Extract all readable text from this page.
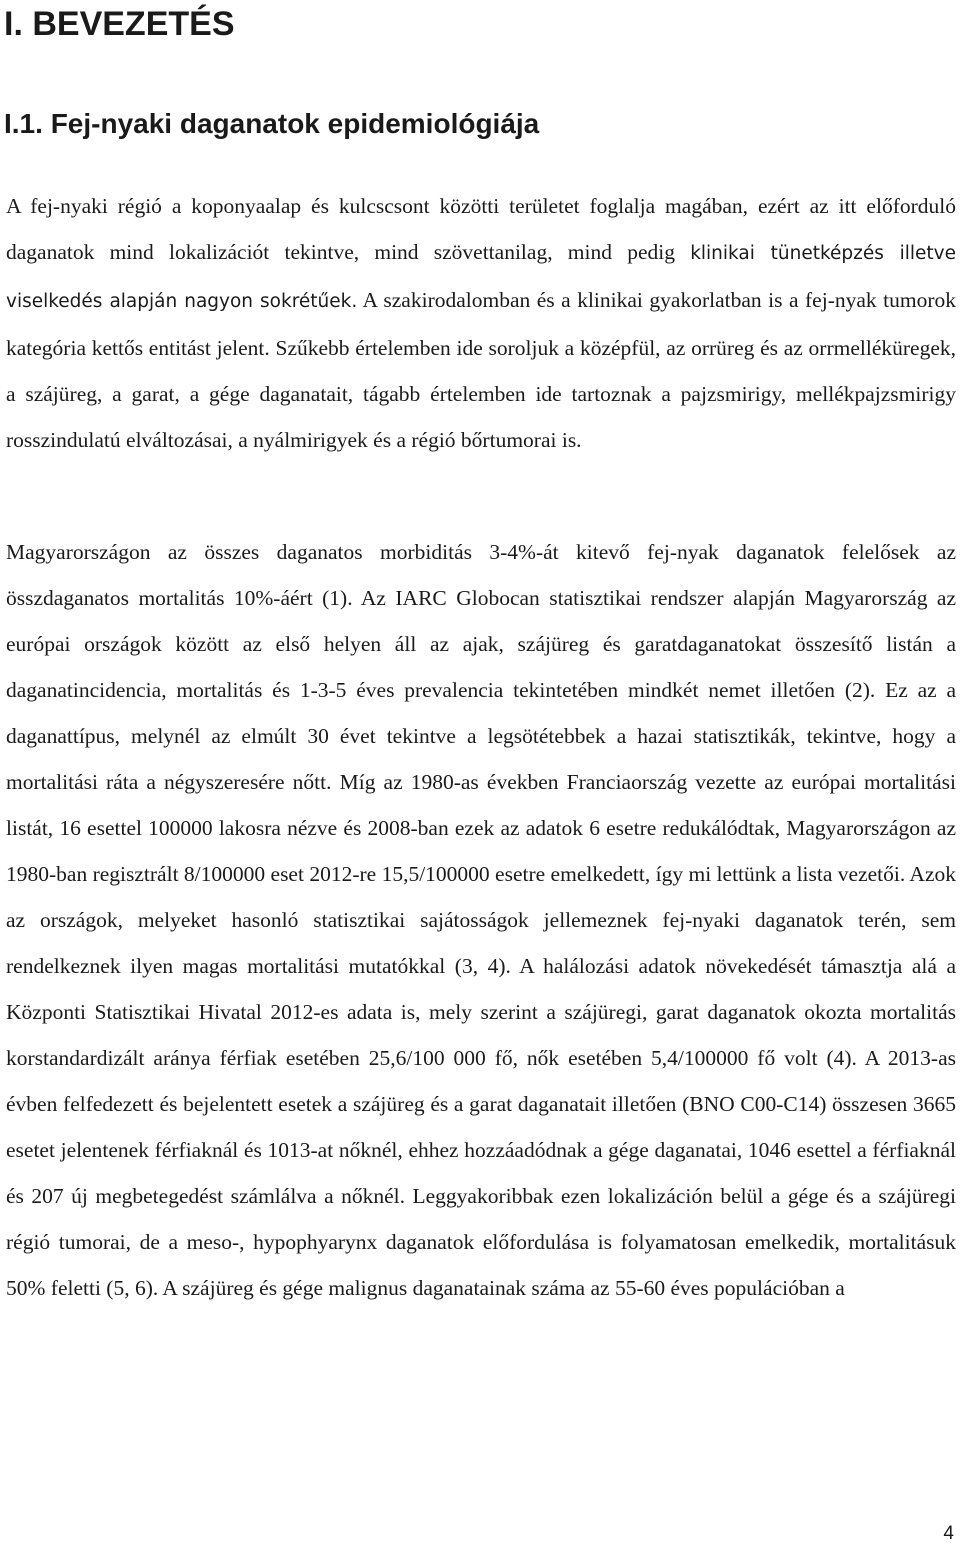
I. BEVEZETÉS
I.1. Fej-nyaki daganatok epidemiológiája

A fej-nyaki régió a koponyaalap és kulcscsont közötti területet foglalja magában, ezért az itt előforduló daganatok mind lokalizációt tekintve, mind szövettanilag, mind pedig klinikai tünetképzés illetve viselkedés alapján nagyon sokrétűek. A szakirodalomban és a klinikai gyakorlatban is a fej-nyak tumorok kategória kettős entitást jelent. Szűkebb értelemben ide soroljuk a középfül, az orrüreg és az orrmelléküregek, a szájüreg, a garat, a gége daganatait, tágabb értelemben ide tartoznak a pajzsmirigy, mellékpajzsmirigy rosszindulatú elváltozásai, a nyálmirigyek és a régió bőrtumorai is.

Magyarországon az összes daganatos morbiditás 3-4%-át kitevő fej-nyak daganatok felelősek az összdaganatos mortalitás 10%-áért (1). Az IARC Globocan statisztikai rendszer alapján Magyarország az európai országok között az első helyen áll az ajak, szájüreg és garatdaganatokat összesítő listán a daganatincidencia, mortalitás és 1-3-5 éves prevalencia tekintetében mindkét nemet illetően (2). Ez az a daganattípus, melynél az elmúlt 30 évet tekintve a legsötétebbek a hazai statisztikák, tekintve, hogy a mortalitási ráta a négyszeresére nőtt. Míg az 1980-as években Franciaország vezette az európai mortalitási listát, 16 esettel 100000 lakosra nézve és 2008-ban ezek az adatok 6 esetre redukálódtak, Magyarországon az 1980-ban regisztrált 8/100000 eset 2012-re 15,5/100000 esetre emelkedett, így mi lettünk a lista vezetői. Azok az országok, melyeket hasonló statisztikai sajátosságok jellemeznek fej-nyaki daganatok terén, sem rendelkeznek ilyen magas mortalitási mutatókkal (3, 4). A halálozási adatok növekedését támasztja alá a Központi Statisztikai Hivatal 2012-es adata is, mely szerint a szájüregi, garat daganatok okozta mortalitás korstandardizált aránya férfiak esetében 25,6/100 000 fő, nők esetében 5,4/100000 fő volt (4). A 2013-as évben felfedezett és bejelentett esetek a szájüreg és a garat daganatait illetően (BNO C00-C14) összesen 3665 esetet jelentenek férfiaknál és 1013-at nőknél, ehhez hozzáadódnak a gége daganatai, 1046 esettel a férfiaknál és 207 új megbetegedést számlálva a nőknél. Leggyakoribbak ezen lokalizáción belül a gége és a szájüregi régió tumorai, de a meso-, hypophyarynx daganatok előfordulása is folyamatosan emelkedik, mortalitásuk 50% feletti (5, 6). A szájüreg és gége malignus daganatainak száma az 55-60 éves populációban a

4
